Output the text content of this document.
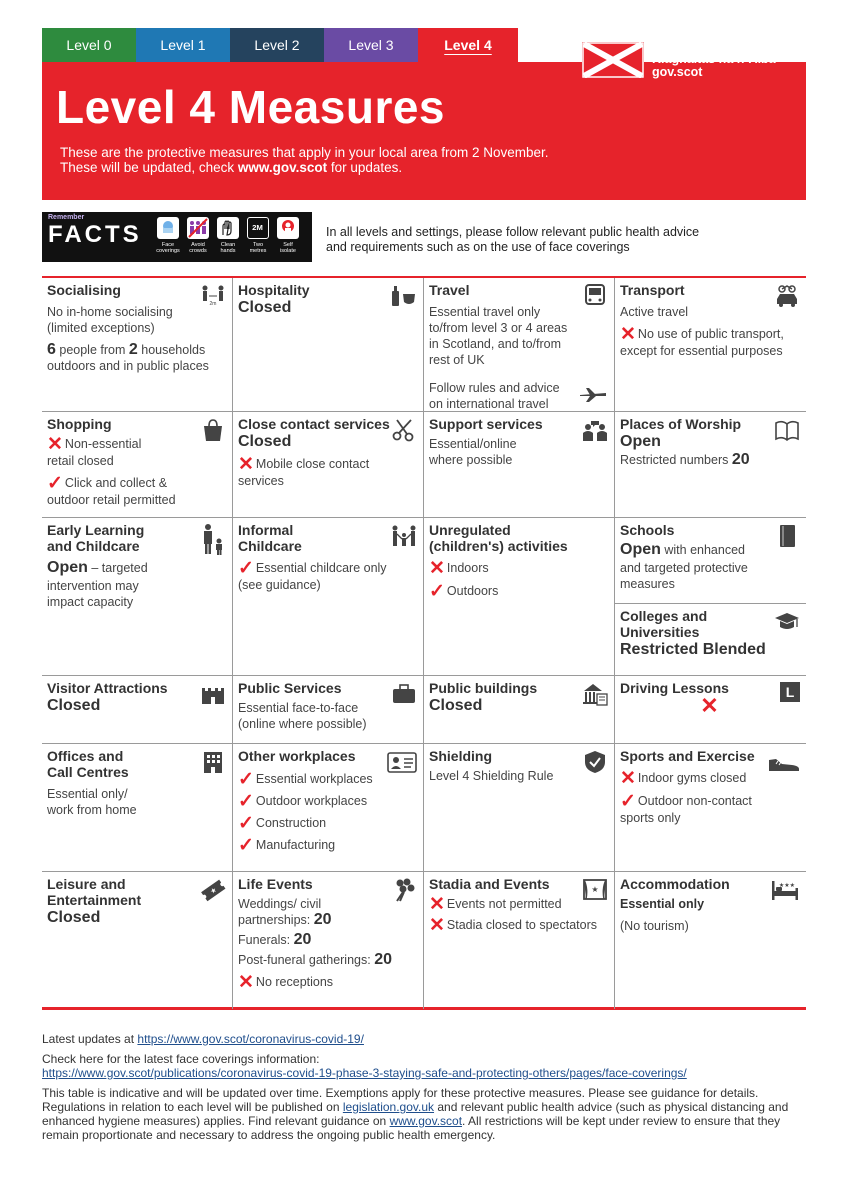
Level 0	Level 1	Level 2	Level 3	Level 4	Scottish Government
Riaghaltas na h-Alba
gov.scot
Level 4 Measures
These are the protective measures that apply in your local area from 2 November.
These will be updated, check www.gov.scot for updates.
Remember
FACTS	2M
Face coverings
Avoid crowds
Clean hands
Two metres
Self isolate
In all levels and settings, please follow relevant public health advice
and requirements such as on the use of face coverings
Socialising
No in-home socialising
(limited exceptions)
6 people from 2 households
outdoors and in public places
2m
Hospitality
Closed
Travel
Essential travel only
to/from level 3 or 4 areas
in Scotland, and to/from
rest of UK
Follow rules and advice
on international travel
Transport
Active travel
✕ No use of public transport,
except for essential purposes
Shopping
✕ Non-essential
retail closed
✓ Click and collect &
outdoor retail permitted
Close contact services
Closed
✕ Mobile close contact
services
Support services
Essential/online
where possible
Places of Worship
Open
Restricted numbers 20
Early Learning
and Childcare
Open – targeted
intervention may
impact capacity
Informal
Childcare
✓ Essential childcare only
(see guidance)
Unregulated
(children's) activities
✕ Indoors
✓ Outdoors
Schools
Open with enhanced
and targeted protective
measures
Colleges and
Universities
Restricted Blended
Visitor Attractions
Closed
Public Services
Essential face-to-face
(online where possible)
Public buildings
Closed
Driving Lessons
✕
L
Offices and
Call Centres
Essential only/
work from home
Other workplaces
✓ Essential workplaces
✓ Outdoor workplaces
✓ Construction
✓ Manufacturing
Shielding
Level 4 Shielding Rule
Sports and Exercise
✕ Indoor gyms closed
✓ Outdoor non-contact
sports only
Leisure and
Entertainment
Closed
★ Life Events
Weddings/ civil
partnerships: 20
Funerals: 20
Post-funeral gatherings: 20
✕ No receptions
Stadia and Events
✕ Events not permitted
✕ Stadia closed to spectators
★ Accommodation
Essential only
(No tourism)
★★★

Latest updates at https://www.gov.scot/coronavirus-covid-19/

Check here for the latest face coverings information:
https://www.gov.scot/publications/coronavirus-covid-19-phase-3-staying-safe-and-protecting-others/pages/face-coverings/

This table is indicative and will be updated over time. Exemptions apply for these protective measures. Please see guidance for details. Regulations in relation to each level will be published on legislation.gov.uk and relevant public health advice (such as physical distancing and enhanced hygiene measures) applies. Find relevant guidance on www.gov.scot. All restrictions will be kept under review to ensure that they remain proportionate and necessary to address the ongoing public health emergency.
